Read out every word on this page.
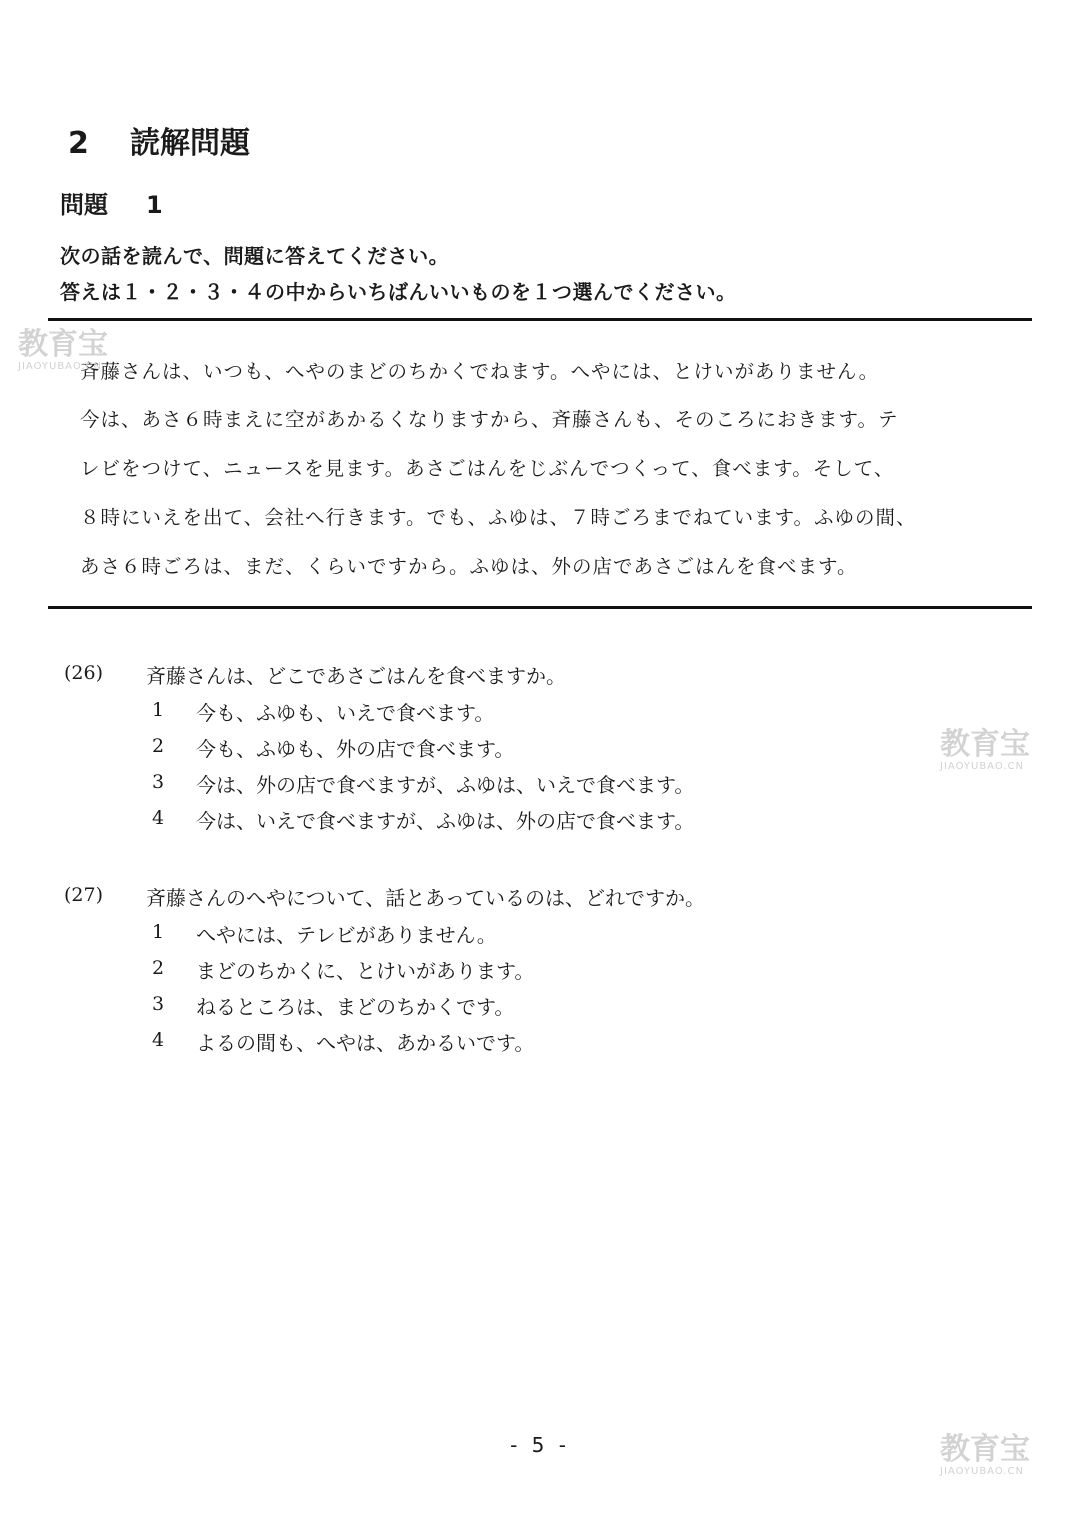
2 読解問題
問題 1
次の話を読んで、問題に答えてください。
答えは１・２・３・４の中からいちばんいいものを１つ選んでください。
斉藤さんは、いつも、へやのまどのちかくでねます。へやには、とけいがありません。
今は、あさ６時まえに空があかるくなりますから、斉藤さんも、そのころにおきます。テ
レビをつけて、ニュースを見ます。あさごはんをじぶんでつくって、食べます。そして、
８時にいえを出て、会社へ行きます。でも、ふゆは、７時ごろまでねています。ふゆの間、
あさ６時ごろは、まだ、くらいですから。ふゆは、外の店であさごはんを食べます。
(26) 斉藤さんは、どこであさごはんを食べますか。
1 今も、ふゆも、いえで食べます。
2 今も、ふゆも、外の店で食べます。
3 今は、外の店で食べますが、ふゆは、いえで食べます。
4 今は、いえで食べますが、ふゆは、外の店で食べます。
(27) 斉藤さんのへやについて、話とあっているのは、どれですか。
1 へやには、テレビがありません。
2 まどのちかくに、とけいがあります。
3 ねるところは、まどのちかくです。
4 よるの間も、へやは、あかるいです。
- 5 -
教育宝
JIAOYUBAO.CN
教育宝
JIAOYUBAO.CN
教育宝
JIAOYUBAO.CN
